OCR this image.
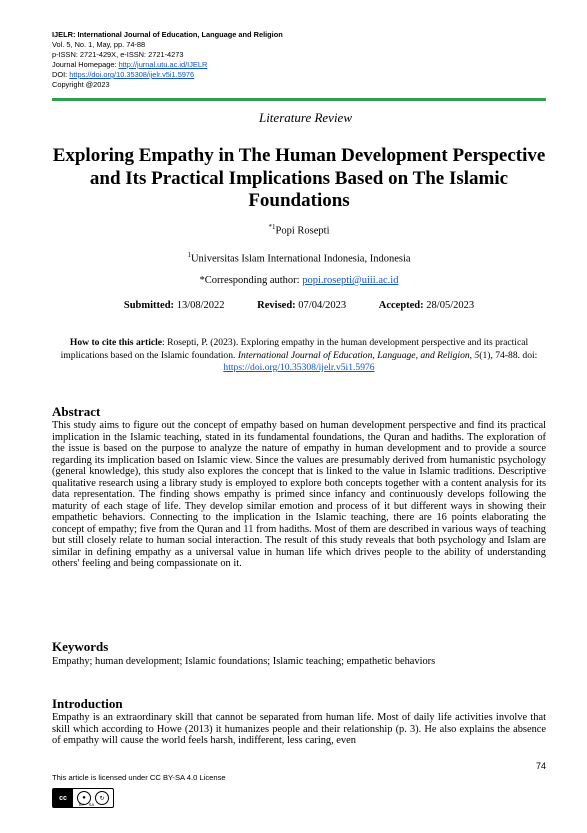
IJELR: International Journal of Education, Language and Religion
Vol. 5, No. 1, May, pp. 74-88
p-ISSN: 2721-429X, e-ISSN: 2721-4273
Journal Homepage: http://jurnal.utu.ac.id/IJELR
DOI: https://doi.org/10.35308/ijelr.v5i1.5976
Copyright @2023
Literature Review
Exploring Empathy in The Human Development Perspective and Its Practical Implications Based on The Islamic Foundations
$^{*1}$Popi Rosepti
$^1$Universitas Islam International Indonesia, Indonesia
*Corresponding author: popi.rosepti@uiii.ac.id
Submitted: 13/08/2022	Revised: 07/04/2023	Accepted: 28/05/2023
How to cite this article: Rosepti, P. (2023). Exploring empathy in the human development perspective and its practical implications based on the Islamic foundation. International Journal of Education, Language, and Religion, 5(1), 74-88. doi: https://doi.org/10.35308/ijelr.v5i1.5976
Abstract
This study aims to figure out the concept of empathy based on human development perspective and find its practical implication in the Islamic teaching, stated in its fundamental foundations, the Quran and hadiths. The exploration of the issue is based on the purpose to analyze the nature of empathy in human development and to provide a source regarding its implication based on Islamic view. Since the values are presumably derived from humanistic psychology (general knowledge), this study also explores the concept that is linked to the value in Islamic traditions. Descriptive qualitative research using a library study is employed to explore both concepts together with a content analysis for its data representation. The finding shows empathy is primed since infancy and continuously develops following the maturity of each stage of life. They develop similar emotion and process of it but different ways in showing their empathetic behaviors. Connecting to the implication in the Islamic teaching, there are 16 points elaborating the concept of empathy; five from the Quran and 11 from hadiths. Most of them are described in various ways of teaching but still closely relate to human social interaction. The result of this study reveals that both psychology and Islam are similar in defining empathy as a universal value in human life which drives people to the ability of understanding others' feeling and being compassionate on it.
Keywords
Empathy; human development; Islamic foundations; Islamic teaching; empathetic behaviors
Introduction
Empathy is an extraordinary skill that cannot be separated from human life. Most of daily life activities involve that skill which according to Howe (2013) it humanizes people and their relationship (p. 3). He also explains the absence of empathy will cause the world feels harsh, indifferent, less caring, even
74
This article is licensed under CC BY-SA 4.0 License
cc	●	↻
BY SA
